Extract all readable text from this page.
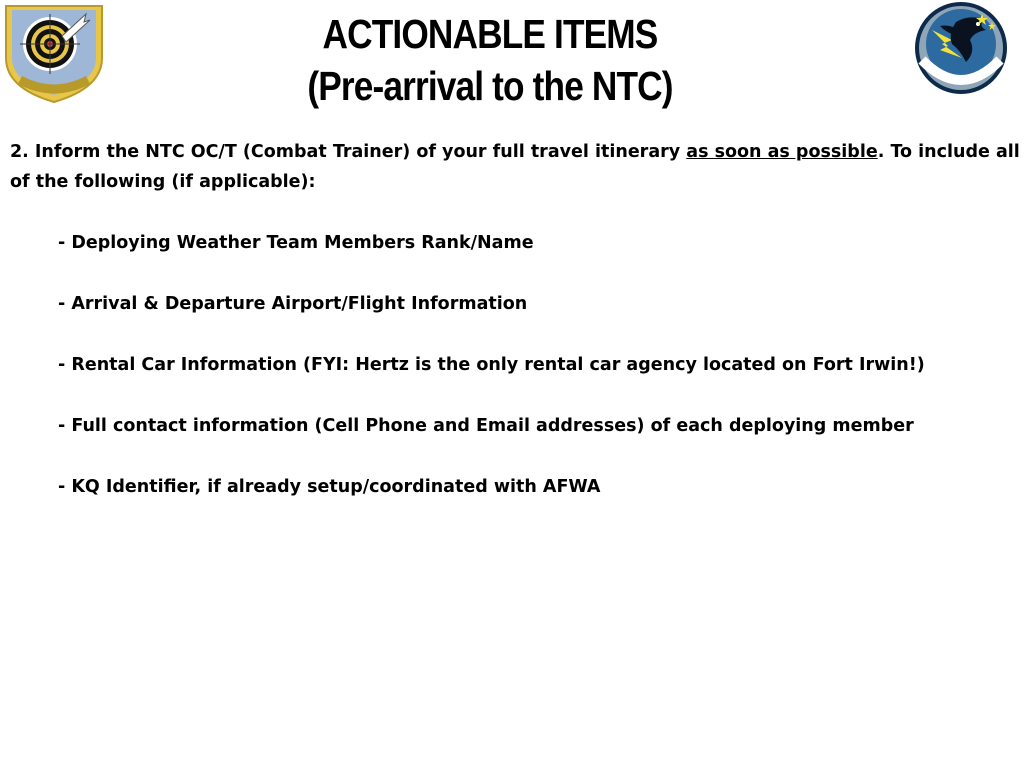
ACTIONABLE ITEMS
(Pre-arrival to the NTC)

2. Inform the NTC OC/T (Combat Trainer) of your full travel itinerary as soon as possible. To include all of the following (if applicable):

- Deploying Weather Team Members Rank/Name
- Arrival & Departure Airport/Flight Information
- Rental Car Information (FYI: Hertz is the only rental car agency located on Fort Irwin!)
- Full contact information (Cell Phone and Email addresses) of each deploying member
- KQ Identifier, if already setup/coordinated with AFWA
